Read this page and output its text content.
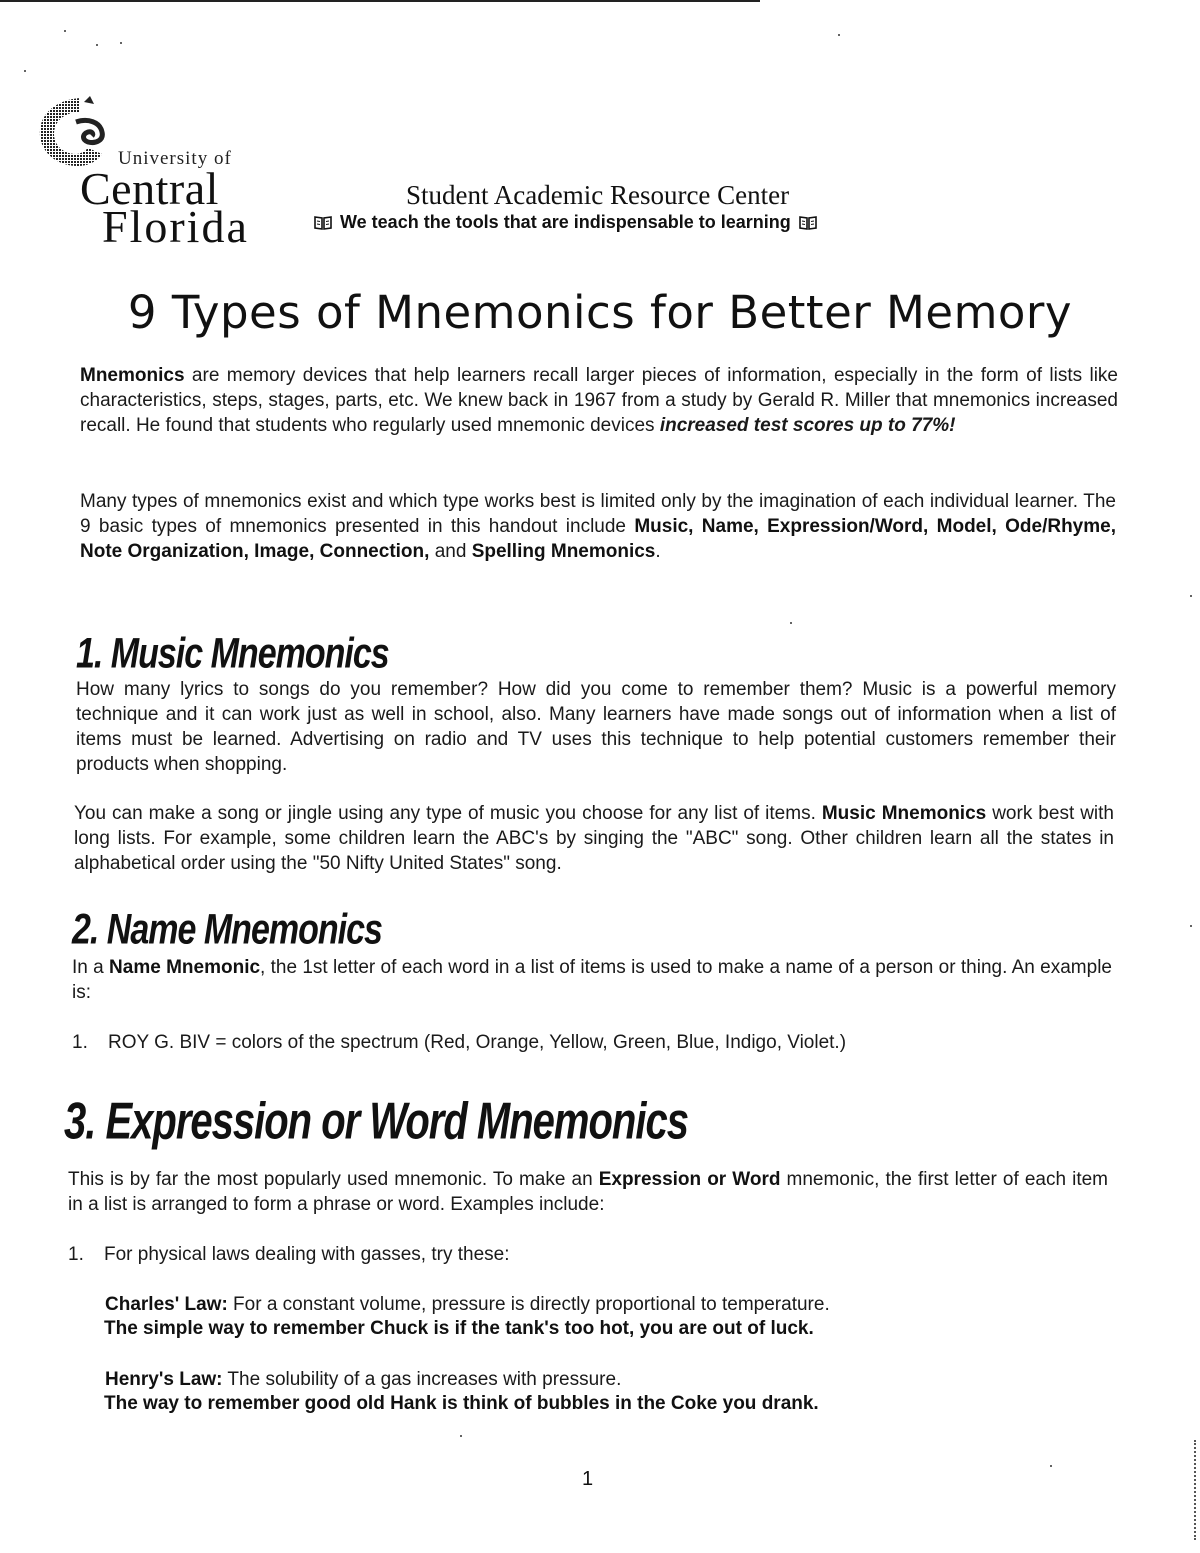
University of
Central
Florida
Student Academic Resource Center
We teach the tools that are indispensable to learning
9 Types of Mnemonics for Better Memory
Mnemonics are memory devices that help learners recall larger pieces of information, especially in the form of lists like characteristics, steps, stages, parts, etc. We knew back in 1967 from a study by Gerald R. Miller that mnemonics increased recall. He found that students who regularly used mnemonic devices increased test scores up to 77%!
Many types of mnemonics exist and which type works best is limited only by the imagination of each individual learner. The 9 basic types of mnemonics presented in this handout include Music, Name, Expression/Word, Model, Ode/Rhyme, Note Organization, Image, Connection, and Spelling Mnemonics.
1. Music Mnemonics
How many lyrics to songs do you remember? How did you come to remember them? Music is a powerful memory technique and it can work just as well in school, also. Many learners have made songs out of information when a list of items must be learned. Advertising on radio and TV uses this technique to help potential customers remember their products when shopping.
You can make a song or jingle using any type of music you choose for any list of items. Music Mnemonics work best with long lists. For example, some children learn the ABC's by singing the "ABC" song. Other children learn all the states in alphabetical order using the "50 Nifty United States" song.
2. Name Mnemonics
In a Name Mnemonic, the 1st letter of each word in a list of items is used to make a name of a person or thing. An example is:
1. ROY G. BIV = colors of the spectrum (Red, Orange, Yellow, Green, Blue, Indigo, Violet.)
3. Expression or Word Mnemonics
This is by far the most popularly used mnemonic. To make an Expression or Word mnemonic, the first letter of each item in a list is arranged to form a phrase or word. Examples include:
1. For physical laws dealing with gasses, try these:
Charles' Law: For a constant volume, pressure is directly proportional to temperature.
The simple way to remember Chuck is if the tank's too hot, you are out of luck.
Henry's Law: The solubility of a gas increases with pressure.
The way to remember good old Hank is think of bubbles in the Coke you drank.
1
